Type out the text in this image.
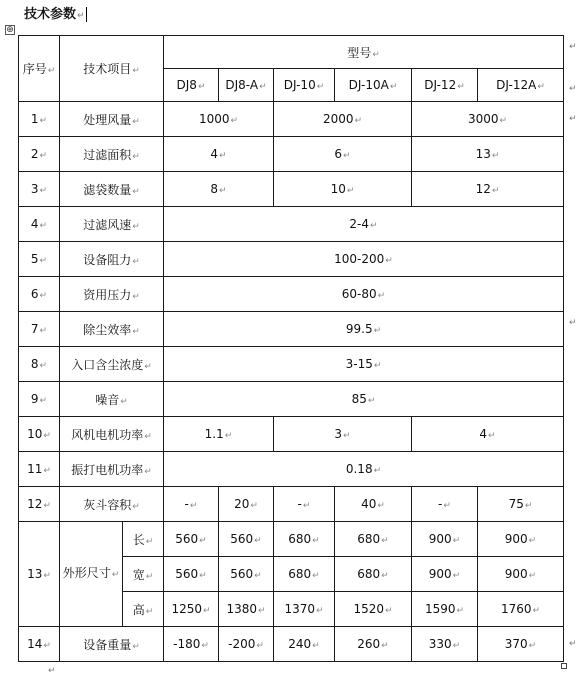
技术参数↵
⊕
序号↵	技术项目↵		型号↵					
			DJ8↵	DJ8-A↵	DJ-10↵	DJ-10A↵	DJ-12↵	DJ-12A↵
1↵	处理风量↵		1000↵		2000↵		3000↵	
2↵	过滤面积↵		4↵		6↵		13↵	
3↵	滤袋数量↵		8↵		10↵		12↵	
4↵	过滤风速↵		2-4↵					
5↵	设备阻力↵		100-200↵					
6↵	资用压力↵		60-80↵					
7↵	除尘效率↵		99.5↵					
8↵	入口含尘浓度↵		3-15↵					
9↵	噪音↵		85↵					
10↵	风机电机功率↵		1.1↵		3↵		4↵	
11↵	振打电机功率↵		0.18↵					
12↵	灰斗容积↵		-↵	20↵	-↵	40↵	-↵	75↵
13↵	外形尺寸↵	长↵	560↵	560↵	680↵	680↵	900↵	900↵
		宽↵	560↵	560↵	680↵	680↵	900↵	900↵
		高↵	1250↵	1380↵	1370↵	1520↵	1590↵	1760↵
14↵	设备重量↵		-180↵	-200↵	240↵	260↵	330↵	370↵
↵
↵
↵
↵
↵
↵
